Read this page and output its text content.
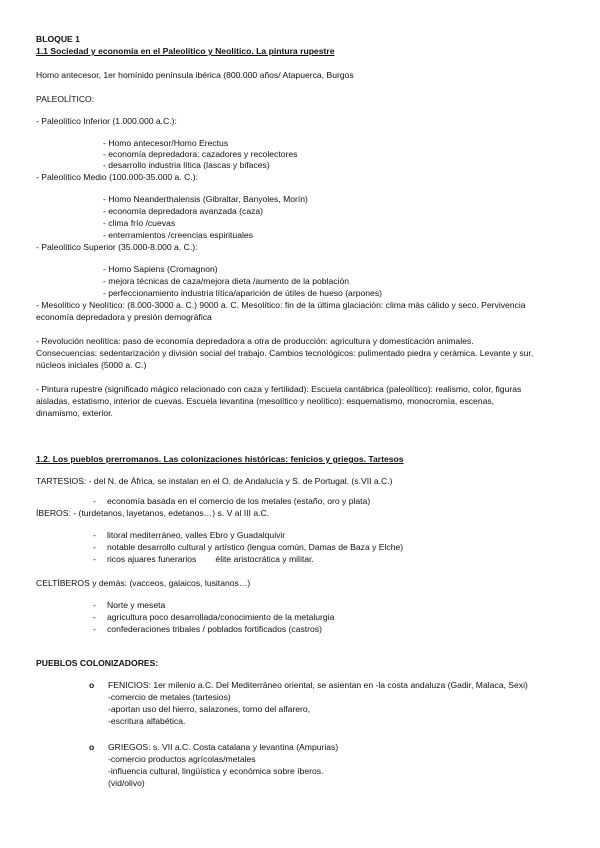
BLOQUE 1
1.1 Sociedad y economía en el Paleolítico y Neolítico. La pintura rupestre
Homo antecesor, 1er homínido península ibérica (800.000 años/ Atapuerca, Burgos
PALEOLÍTICO:
- Paleolítico Inferior (1.000.000 a.C.):
- Homo antecesor/Homo Erectus
- economía depredadora: cazadores y recolectores
- desarrollo industria lítica (lascas y bifaces)
- Paleolítico Medio (100.000-35.000 a. C.):
- Homo Neanderthalensis (Gibraltar, Banyoles, Morín)
- economía depredadora avanzada (caza)
- clima frío /cuevas
- enterramientos /creencias espirituales
- Paleolítico Superior (35.000-8.000 a. C.):
- Homo Sapiens (Cromagnon)
- mejora técnicas de caza/mejora dieta /aumento de la población
- perfeccionamiento industria lítica/aparición de útiles de hueso (arpones)
- Mesolítico y Neolítico: (8.000-3000 a. C.) 9000 a. C. Mesolítico: fin de la última glaciación: clima más cálido y seco. Pervivencia
economía depredadora y presión demográfica
- Revolución neolítica: paso de economía depredadora a otra de producción: agricultura y domesticación animales.
Consecuencias: sedentarización y división social del trabajo. Cambios tecnológicos: pulimentado piedra y cerámica. Levante y sur,
núcleos iniciales (5000 a. C.)
- Pintura rupestre (significado mágico relacionado con caza y fertilidad): Escuela cantábrica (paleolítico): realismo, color, figuras
aisladas, estatismo, interior de cuevas. Escuela levantina (mesolítico y neolítico): esquematismo, monocromía, escenas,
dinamismo, exterior.
1.2. Los pueblos prerromanos. Las colonizaciones históricas: fenicios y griegos. Tartesos
TARTESIOS: - del N. de África, se instalan en el O. de Andalucía y S. de Portugal. (s.VII a.C.)
-	economía basada en el comercio de los metales (estaño, oro y plata)
ÍBEROS: - (turdetanos, layetanos, edetanos…) s. V al III a.C.
-	litoral mediterráneo, valles Ebro y Guadalquivir
-	notable desarrollo cultural y artístico (lengua común, Damas de Baza y Elche)
-	ricos ajuares funerarios        élite aristocrática y militar.
CELTÍBEROS y demás: (vacceos, galaicos, lusitanos…)
-	Norte y meseta
-	agricultura poco desarrollada/conocimiento de la metalurgia
-	confederaciones tribales / poblados fortificados (castros)
PUEBLOS COLONIZADORES:
o FENICIOS: 1er milenio a.C. Del Mediterráneo oriental, se asientan en -la costa andaluza (Gadir, Malaca, Sexi)
-comercio de metales (tartesios)
-aportan uso del hierro, salazones, torno del alfarero,
-escritura alfabética.
o GRIEGOS: s. VII a.C. Costa catalana y levantina (Ampurias)
-comercio productos agrícolas/metales
-influencia cultural, lingüística y económica sobre íberos.
(vid/olivo)
